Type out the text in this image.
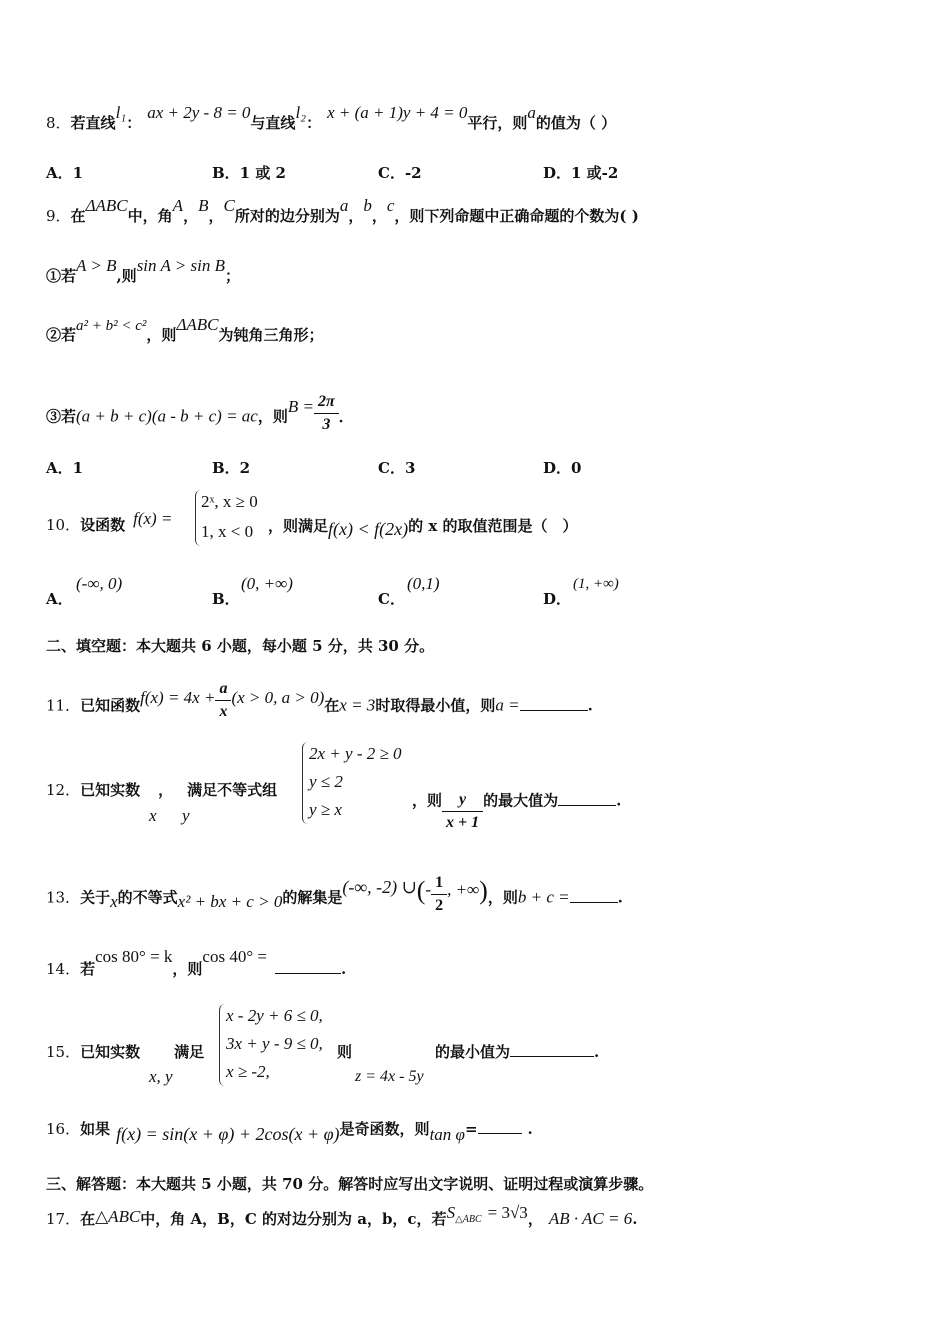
8．若直线l₁：ax + 2y - 8 = 0与直线l₂：x + (a + 1)y + 4 = 0平行，则a的值为（ ）
A．1	B．1 或 2	C．-2	D．1 或-2
9．在ΔABC中，角A，B，C所对的边分别为a，b，c，则下列命题中正确命题的个数为( )
①若A > B,则sin A > sin B；
②若a² + b² < c²，则ΔABC为钝角三角形；
③若(a + b + c)(a - b + c) = ac，则$B = \frac{2\pi}{3}$ ．
A．1	B．2	C．3	D．0
10．设函数 f(x) =
2ˣ, x ≥ 0
1, x < 0 ，则满足f(x) < f(2x)的 x 的取值范围是（　）
A．
(-∞, 0)
B．
(0, +∞)
C．
(0,1)
D．
(1, +∞)
二、填空题：本大题共 6 小题，每小题 5 分，共 30 分。
11．已知函数$f(x) = 4x + \frac{a}{x} (x > 0$, a > 0)在x = 3时取得最小值，则a =	.
12．已知实数 ， 满足不等式组
x y
2x + y - 2 ≥ 0
y ≤ 2
y ≥ x	，则 $\frac{y}{x + 1}$ 的最大值为	.
13．关于x的不等式x² + bx + c > 0的解集是(-∞, -2) ∪(- $\frac{1}{2}$ , +∞)，则b + c =	.
14．若cos 80° = k，则cos 40° =.
15．已知实数 满足
x, y
x - 2y + 6 ≤ 0,
3x + y - 9 ≤ 0,
x ≥ -2,
则
z = 4x - 5y
的最小值为	.
16．如果 f(x) = sin(x + φ) + 2cos(x + φ)是奇函数，则tan φ=	.
三、解答题：本大题共 5 小题，共 70 分。解答时应写出文字说明、证明过程或演算步骤。
17．在△ABC中，角 A，B，C 的对边分别为 a，b，c，若S△ABC = 3√3， AB · AC = 6.
